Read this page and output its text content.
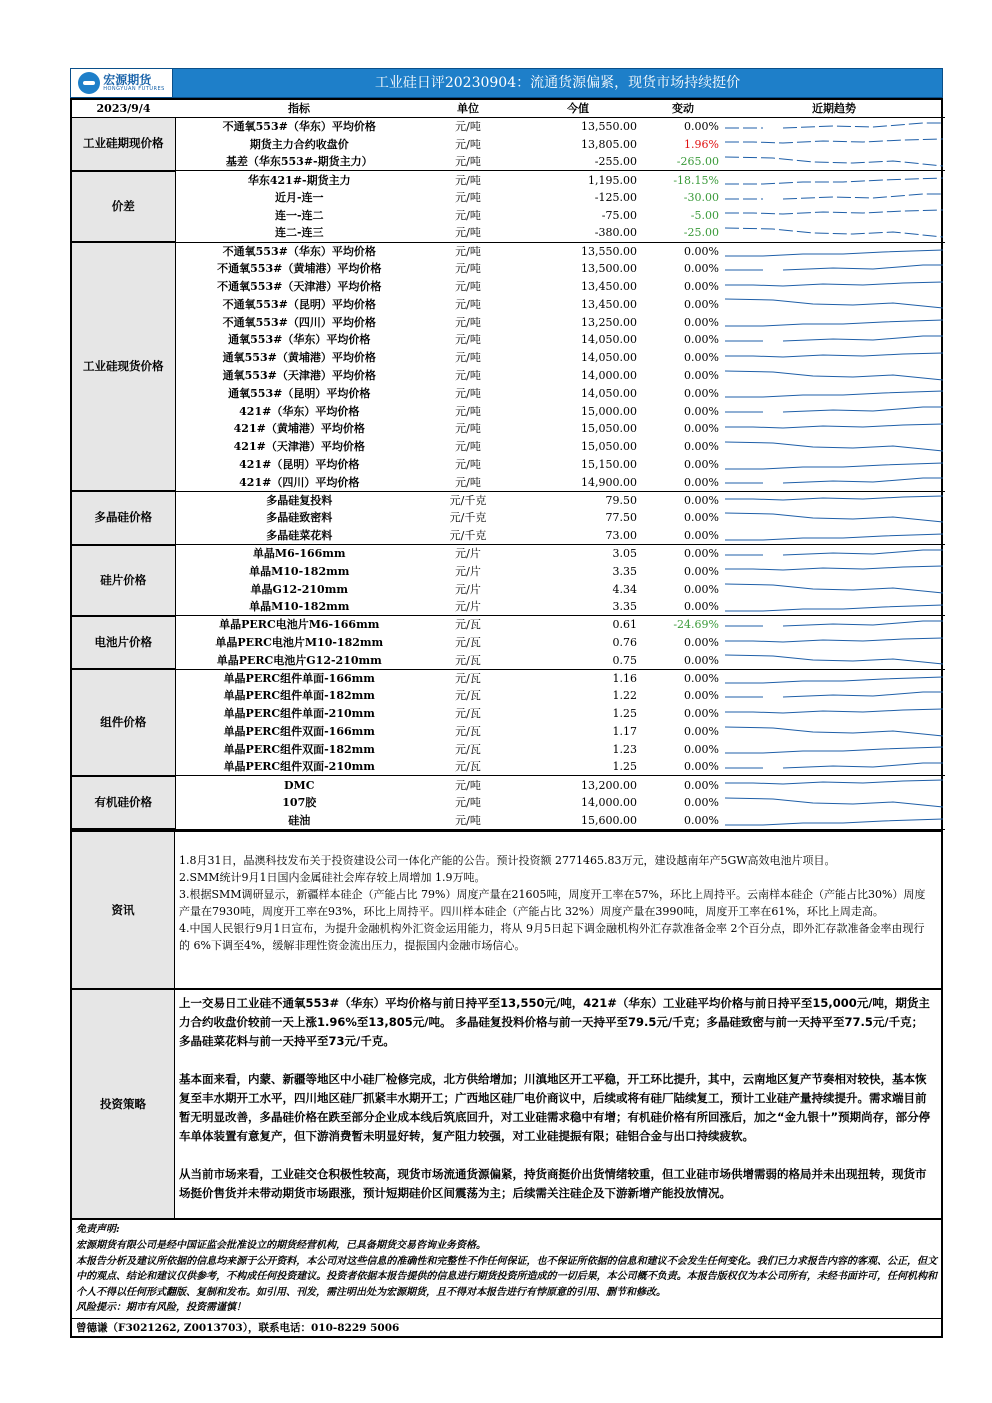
宏源期货
HONGYUAN FUTURES	工业硅日评20230904：流通货源偏紧，现货市场持续挺价
2023/9/4	指标	单位	今值	变动	近期趋势
工业硅期现价格	不通氧553#（华东）平均价格	元/吨	13,550.00	0.00%	

	期货主力合约收盘价	元/吨	13,805.00	1.96%	

	基差（华东553#-期货主力）	元/吨	-255.00	-265.00	

价差	华东421#-期货主力	元/吨	1,195.00	-18.15%	

	近月-连一	元/吨	-125.00	-30.00	

	连一-连二	元/吨	-75.00	-5.00	

	连二-连三	元/吨	-380.00	-25.00	

工业硅现货价格	不通氧553#（华东）平均价格	元/吨	13,550.00	0.00%	

	不通氧553#（黄埔港）平均价格	元/吨	13,500.00	0.00%	

	不通氧553#（天津港）平均价格	元/吨	13,450.00	0.00%	

	不通氧553#（昆明）平均价格	元/吨	13,450.00	0.00%	

	不通氧553#（四川）平均价格	元/吨	13,250.00	0.00%	

	通氧553#（华东）平均价格	元/吨	14,050.00	0.00%	

	通氧553#（黄埔港）平均价格	元/吨	14,050.00	0.00%	

	通氧553#（天津港）平均价格	元/吨	14,000.00	0.00%	

	通氧553#（昆明）平均价格	元/吨	14,050.00	0.00%	

	421#（华东）平均价格	元/吨	15,000.00	0.00%	

	421#（黄埔港）平均价格	元/吨	15,050.00	0.00%	

	421#（天津港）平均价格	元/吨	15,050.00	0.00%	

	421#（昆明）平均价格	元/吨	15,150.00	0.00%	

	421#（四川）平均价格	元/吨	14,900.00	0.00%	

多晶硅价格	多晶硅复投料	元/千克	79.50	0.00%	

	多晶硅致密料	元/千克	77.50	0.00%	

	多晶硅菜花料	元/千克	73.00	0.00%	

硅片价格	单晶M6-166mm	元/片	3.05	0.00%	

	单晶M10-182mm	元/片	3.35	0.00%	

	单晶G12-210mm	元/片	4.34	0.00%	

	单晶M10-182mm	元/片	3.35	0.00%	

电池片价格	单晶PERC电池片M6-166mm	元/瓦	0.61	-24.69%	

	单晶PERC电池片M10-182mm	元/瓦	0.76	0.00%	

	单晶PERC电池片G12-210mm	元/瓦	0.75	0.00%	

组件价格	单晶PERC组件单面-166mm	元/瓦	1.16	0.00%	

	单晶PERC组件单面-182mm	元/瓦	1.22	0.00%	

	单晶PERC组件单面-210mm	元/瓦	1.25	0.00%	

	单晶PERC组件双面-166mm	元/瓦	1.17	0.00%	

	单晶PERC组件双面-182mm	元/瓦	1.23	0.00%	

	单晶PERC组件双面-210mm	元/瓦	1.25	0.00%	

有机硅价格	DMC	元/吨	13,200.00	0.00%	

	107胶	元/吨	14,000.00	0.00%	

	硅油	元/吨	15,600.00	0.00%	
资讯

1.8月31日，晶澳科技发布关于投资建设公司一体化产能的公告。预计投资额 2771465.83万元，建设越南年产5GW高效电池片项目。

2.SMM统计9月1日国内金属硅社会库存较上周增加 1.9万吨。

3.根据SMM调研显示，新疆样本硅企（产能占比 79%）周度产量在21605吨，周度开工率在57%，环比上周持平。云南样本硅企（产能占比30%）周度产量在7930吨，周度开工率在93%，环比上周持平。四川样本硅企（产能占比 32%）周度产量在3990吨，周度开工率在61%，环比上周走高。

4.中国人民银行9月1日宣布，为提升金融机构外汇资金运用能力，将从 9月5日起下调金融机构外汇存款准备金率 2个百分点，即外汇存款准备金率由现行的 6%下调至4%，缓解非理性资金流出压力，提振国内金融市场信心。

投资策略

上一交易日工业硅不通氧553#（华东）平均价格与前日持平至13,550元/吨，421#（华东）工业硅平均价格与前日持平至15,000元/吨，期货主力合约收盘价较前一天上涨1.96%至13,805元/吨。 多晶硅复投料价格与前一天持平至79.5元/千克；多晶硅致密与前一天持平至77.5元/千克；多晶硅菜花料与前一天持平至73元/千克。

基本面来看，内蒙、新疆等地区中小硅厂检修完成，北方供给增加；川滇地区开工平稳，开工环比提升，其中，云南地区复产节奏相对较快，基本恢复至丰水期开工水平，四川地区硅厂抓紧丰水期开工；广西地区硅厂电价商议中，后续或将有硅厂陆续复工，预计工业硅产量持续提升。需求端目前暂无明显改善，多晶硅价格在跌至部分企业成本线后筑底回升，对工业硅需求稳中有增；有机硅价格有所回涨后，加之“金九银十”预期尚存，部分停车单体装置有意复产，但下游消费暂未明显好转，复产阻力较强，对工业硅提振有限；硅铝合金与出口持续疲软。

从当前市场来看，工业硅交仓积极性较高，现货市场流通货源偏紧，持货商挺价出货情绪较重，但工业硅市场供增需弱的格局并未出现扭转，现货市场挺价售货并未带动期货市场跟涨，预计短期硅价区间震荡为主；后续需关注硅企及下游新增产能投放情况。

免责声明:
宏源期货有限公司是经中国证监会批准设立的期货经营机构，已具备期货交易咨询业务资格。
本报告分析及建议所依据的信息均来源于公开资料，本公司对这些信息的准确性和完整性不作任何保证，也不保证所依据的信息和建议不会发生任何变化。我们已力求报告内容的客观、公正，但文中的观点、结论和建议仅供参考，不构成任何投资建议。投资者依据本报告提供的信息进行期货投资所造成的一切后果，本公司概不负责。本报告版权仅为本公司所有，未经书面许可，任何机构和个人不得以任何形式翻版、复制和发布。如引用、刊发，需注明出处为宏源期货，且不得对本报告进行有悖原意的引用、删节和修改。
风险提示：期市有风险，投资需谨慎！
曾德谦（F3021262, Z0013703），联系电话：010-8229 5006
